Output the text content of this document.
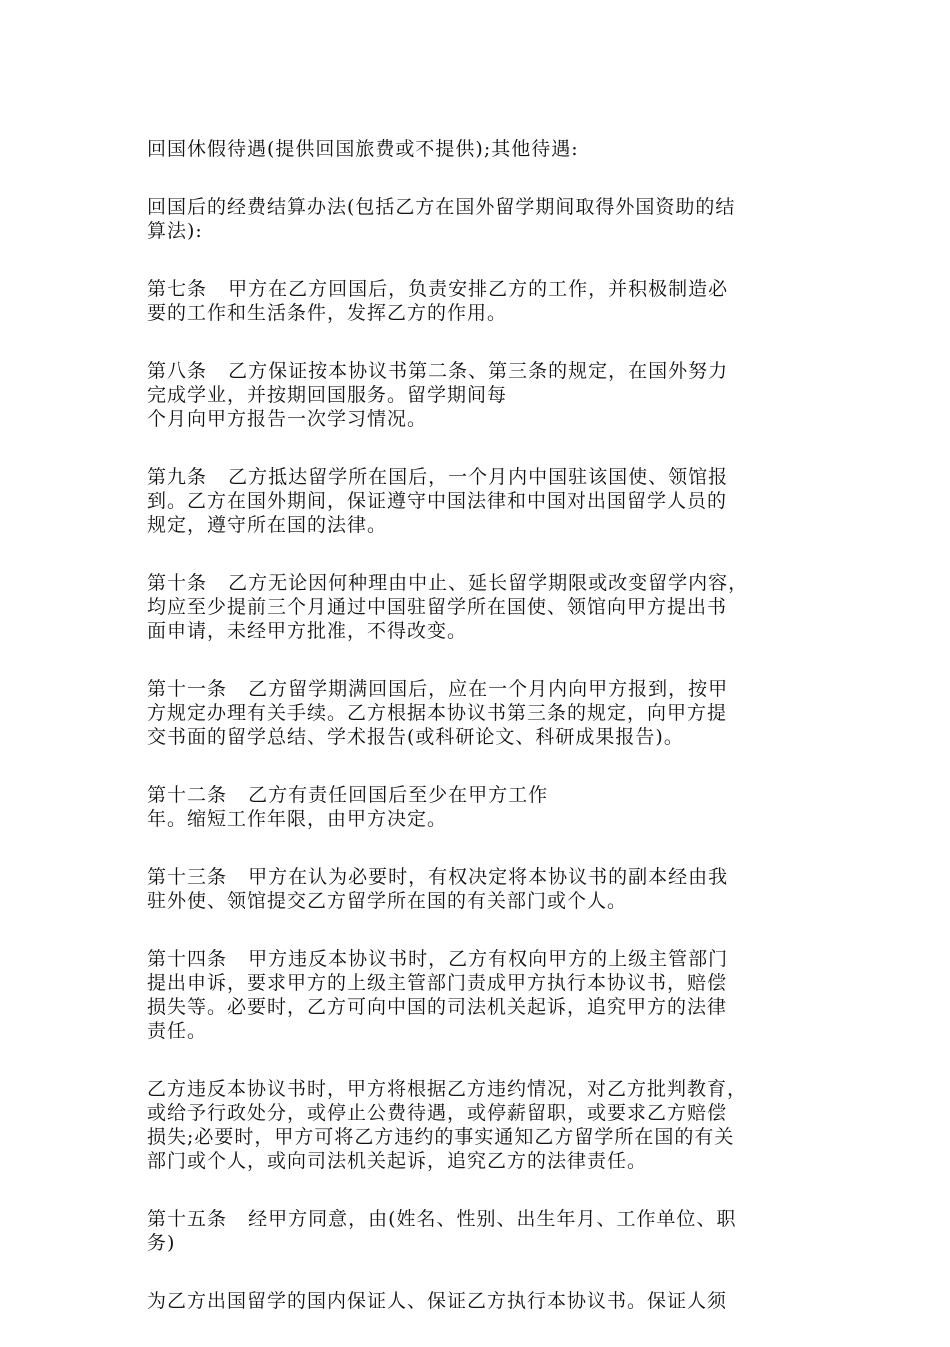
回国休假待遇(提供回国旅费或不提供);其他待遇:

回国后的经费结算办法(包括乙方在国外留学期间取得外国资助的结
算法):

第七条   甲方在乙方回国后，负责安排乙方的工作，并积极制造必
要的工作和生活条件，发挥乙方的作用。

第八条   乙方保证按本协议书第二条、第三条的规定，在国外努力
完成学业，并按期回国服务。留学期间每
个月向甲方报告一次学习情况。

第九条   乙方抵达留学所在国后，一个月内中国驻该国使、领馆报
到。乙方在国外期间，保证遵守中国法律和中国对出国留学人员的
规定，遵守所在国的法律。

第十条   乙方无论因何种理由中止、延长留学期限或改变留学内容，
均应至少提前三个月通过中国驻留学所在国使、领馆向甲方提出书
面申请，未经甲方批准，不得改变。

第十一条   乙方留学期满回国后，应在一个月内向甲方报到，按甲
方规定办理有关手续。乙方根据本协议书第三条的规定，向甲方提
交书面的留学总结、学术报告(或科研论文、科研成果报告)。

第十二条   乙方有责任回国后至少在甲方工作
年。缩短工作年限，由甲方决定。

第十三条   甲方在认为必要时，有权决定将本协议书的副本经由我
驻外使、领馆提交乙方留学所在国的有关部门或个人。

第十四条   甲方违反本协议书时，乙方有权向甲方的上级主管部门
提出申诉，要求甲方的上级主管部门责成甲方执行本协议书，赔偿
损失等。必要时，乙方可向中国的司法机关起诉，追究甲方的法律
责任。

乙方违反本协议书时，甲方将根据乙方违约情况，对乙方批判教育，
或给予行政处分，或停止公费待遇，或停薪留职，或要求乙方赔偿
损失;必要时，甲方可将乙方违约的事实通知乙方留学所在国的有关
部门或个人，或向司法机关起诉，追究乙方的法律责任。

第十五条   经甲方同意，由(姓名、性别、出生年月、工作单位、职
务)

为乙方出国留学的国内保证人、保证乙方执行本协议书。保证人须
